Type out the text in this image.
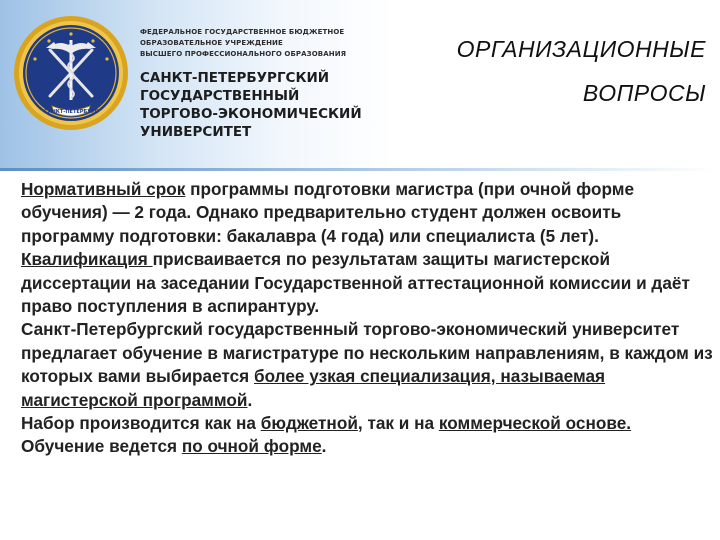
САНКТ-ПЕТЕРБУРГ
ФЕДЕРАЛЬНОЕ ГОСУДАРСТВЕННОЕ БЮДЖЕТНОЕ
ОБРАЗОВАТЕЛЬНОЕ УЧРЕЖДЕНИЕ
ВЫСШЕГО ПРОФЕССИОНАЛЬНОГО ОБРАЗОВАНИЯ
САНКТ-ПЕТЕРБУРГСКИЙ
ГОСУДАРСТВЕННЫЙ
ТОРГОВО-ЭКОНОМИЧЕСКИЙ
УНИВЕРСИТЕТ
ОРГАНИЗАЦИОННЫЕ
ВОПРОСЫ

Нормативный срок программы подготовки магистра (при очной форме обучения) — 2 года. Однако предварительно студент должен освоить программу подготовки: бакалавра (4 года) или специалиста (5 лет).

Квалификация присваивается по результатам защиты магистерской диссертации на заседании Государственной аттестационной комиссии и даёт право поступления в аспирантуру.

Санкт-Петербургский государственный торгово-экономический университет предлагает обучение в магистратуре по нескольким направлениям, в каждом из которых вами выбирается более узкая специализация, называемая магистерской программой.

Набор производится как на бюджетной, так и на коммерческой основе.

Обучение ведется по очной форме.
